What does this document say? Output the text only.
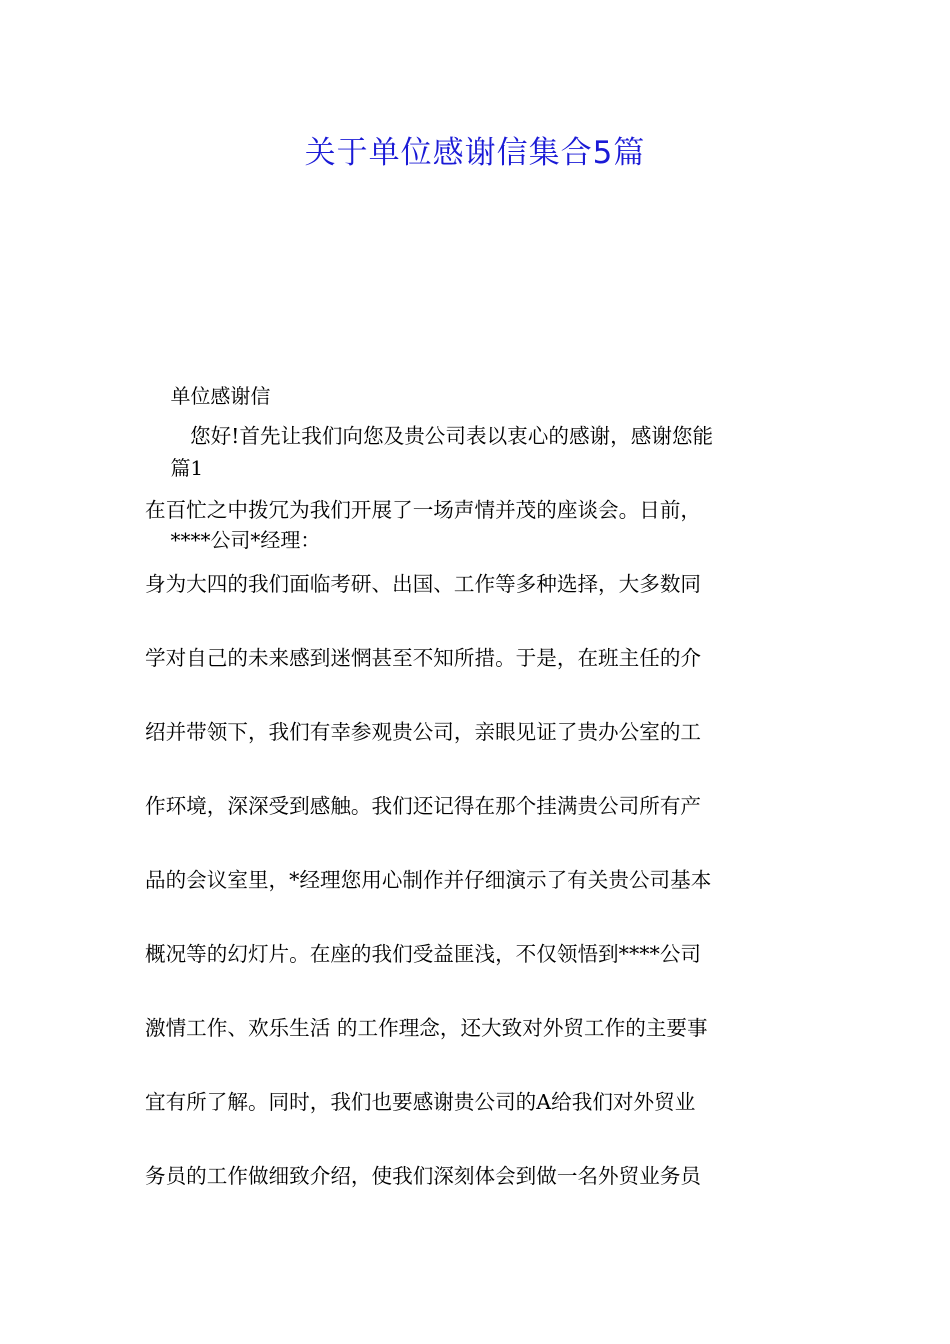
关于单位感谢信集合5篇

单位感谢信

篇1

****公司*经理：

您好!首先让我们向您及贵公司表以衷心的感谢，感谢您能

在百忙之中拨冗为我们开展了一场声情并茂的座谈会。日前，

身为大四的我们面临考研、出国、工作等多种选择，大多数同

学对自己的未来感到迷惘甚至不知所措。于是，在班主任的介

绍并带领下，我们有幸参观贵公司，亲眼见证了贵办公室的工

作环境，深深受到感触。我们还记得在那个挂满贵公司所有产

品的会议室里，*经理您用心制作并仔细演示了有关贵公司基本

概况等的幻灯片。在座的我们受益匪浅，不仅领悟到****公司

激情工作、欢乐生活 的工作理念，还大致对外贸工作的主要事

宜有所了解。同时，我们也要感谢贵公司的A给我们对外贸业

务员的工作做细致介绍，使我们深刻体会到做一名外贸业务员
